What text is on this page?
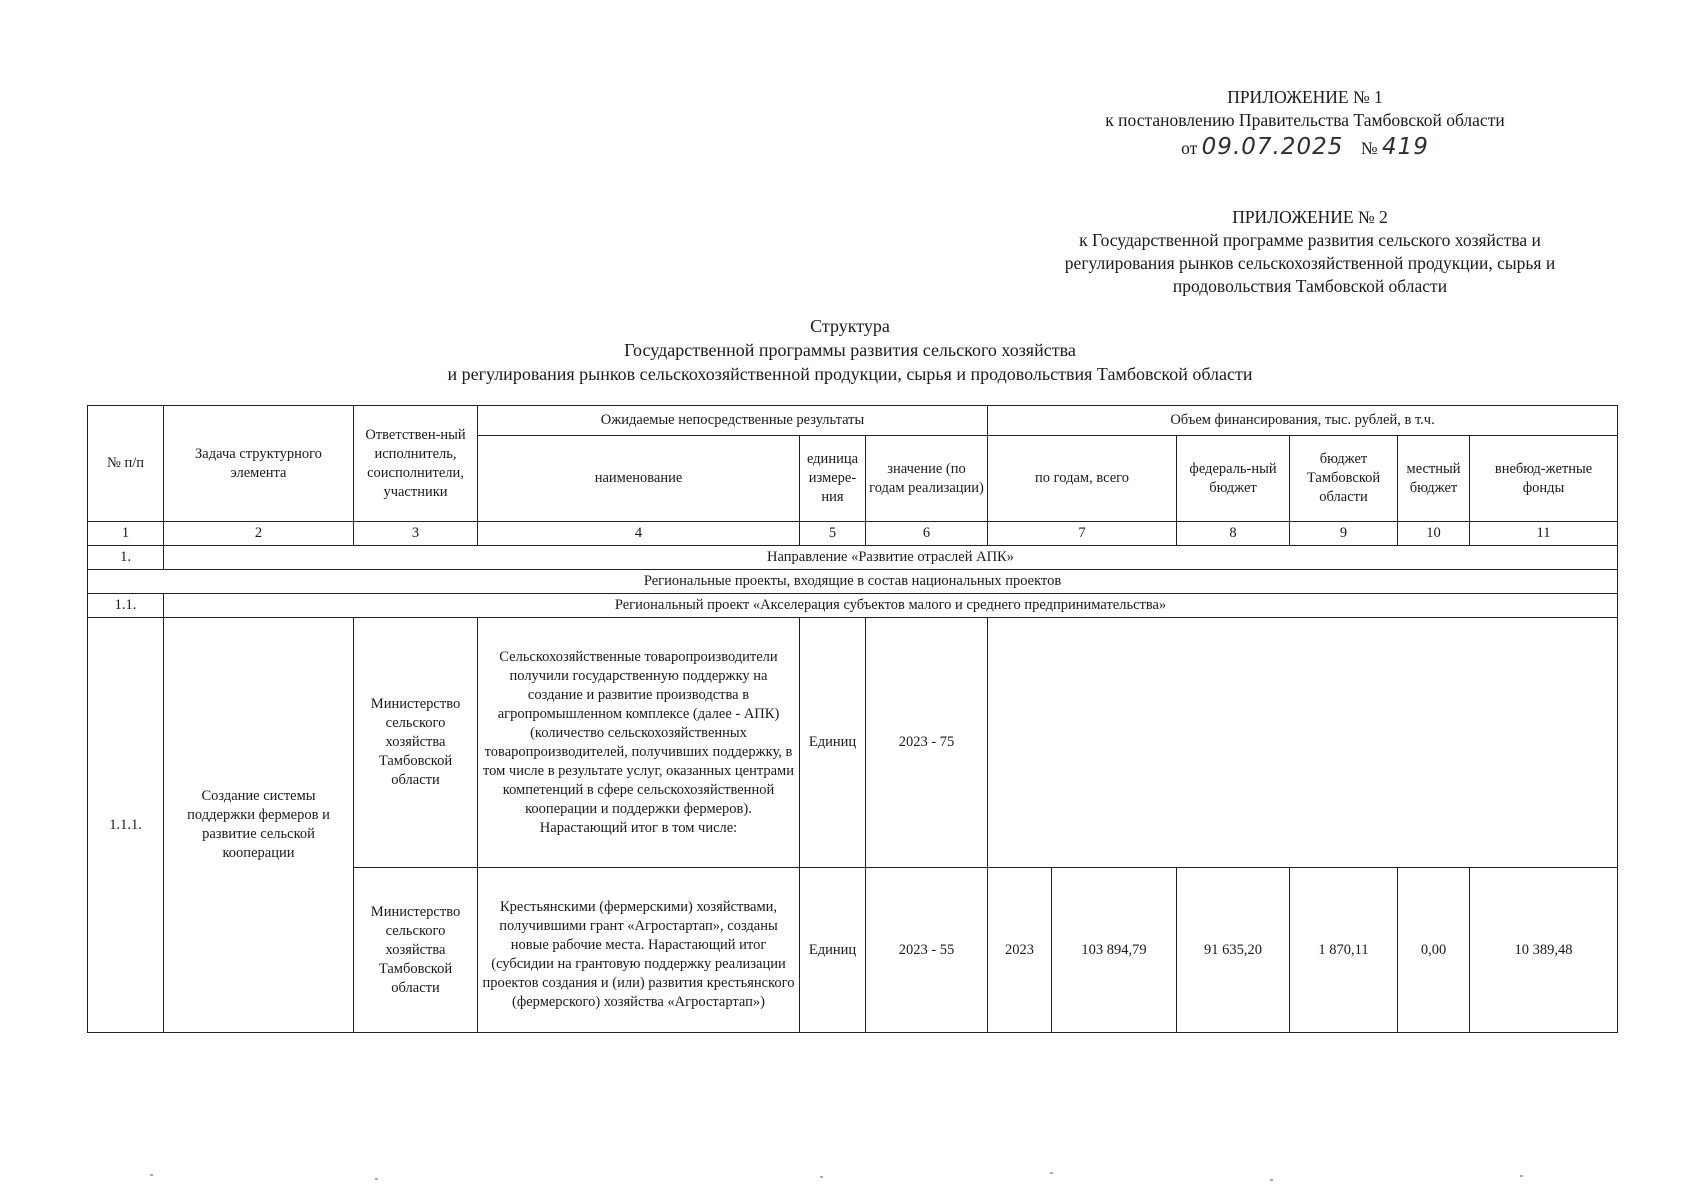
ПРИЛОЖЕНИЕ № 1
к постановлению Правительства Тамбовской области
от 09.07.2025 № 419
ПРИЛОЖЕНИЕ № 2
к Государственной программе развития сельского хозяйства и
регулирования рынков сельскохозяйственной продукции, сырья и
продовольствия Тамбовской области
Структура
Государственной программы развития сельского хозяйства
и регулирования рынков сельскохозяйственной продукции, сырья и продовольствия Тамбовской области
№ п/п	Задача структурного элемента	Ответствен-ный исполнитель, соисполнители, участники	Ожидаемые непосредственные результаты			Объем финансирования, тыс. рублей, в т.ч.					
			наименование	единица измере-ния	значение (по годам реализации)	по годам, всего		федераль-ный бюджет	бюджет Тамбовской области	местный бюджет	внебюд-жетные фонды
1	2	3	4	5	6	7		8	9	10	11
1.	Направление «Развитие отраслей АПК»										
Региональные проекты, входящие в состав национальных проектов											
1.1.	Региональный проект «Акселерация субъектов малого и среднего предпринимательства»										
1.1.1.	Создание системы поддержки фермеров и развитие сельской кооперации	Министерство сельского хозяйства Тамбовской области	Сельскохозяйственные товаропроизводители получили государственную поддержку на создание и развитие производства в агропромышленном комплексе (далее - АПК) (количество сельскохозяйственных товаропроизводителей, получивших поддержку, в том числе в результате услуг, оказанных центрами компетенций в сфере сельскохозяйственной кооперации и поддержки фермеров). Нарастающий итог в том числе:	Единиц	2023 - 75						
		Министерство сельского хозяйства Тамбовской области	Крестьянскими (фермерскими) хозяйствами, получившими грант «Агростартап», созданы новые рабочие места. Нарастающий итог (субсидии на грантовую поддержку реализации проектов создания и (или) развития крестьянского (фермерского) хозяйства «Агростартап»)	Единиц	2023 - 55	2023	103 894,79	91 635,20	1 870,11	0,00	10 389,48
